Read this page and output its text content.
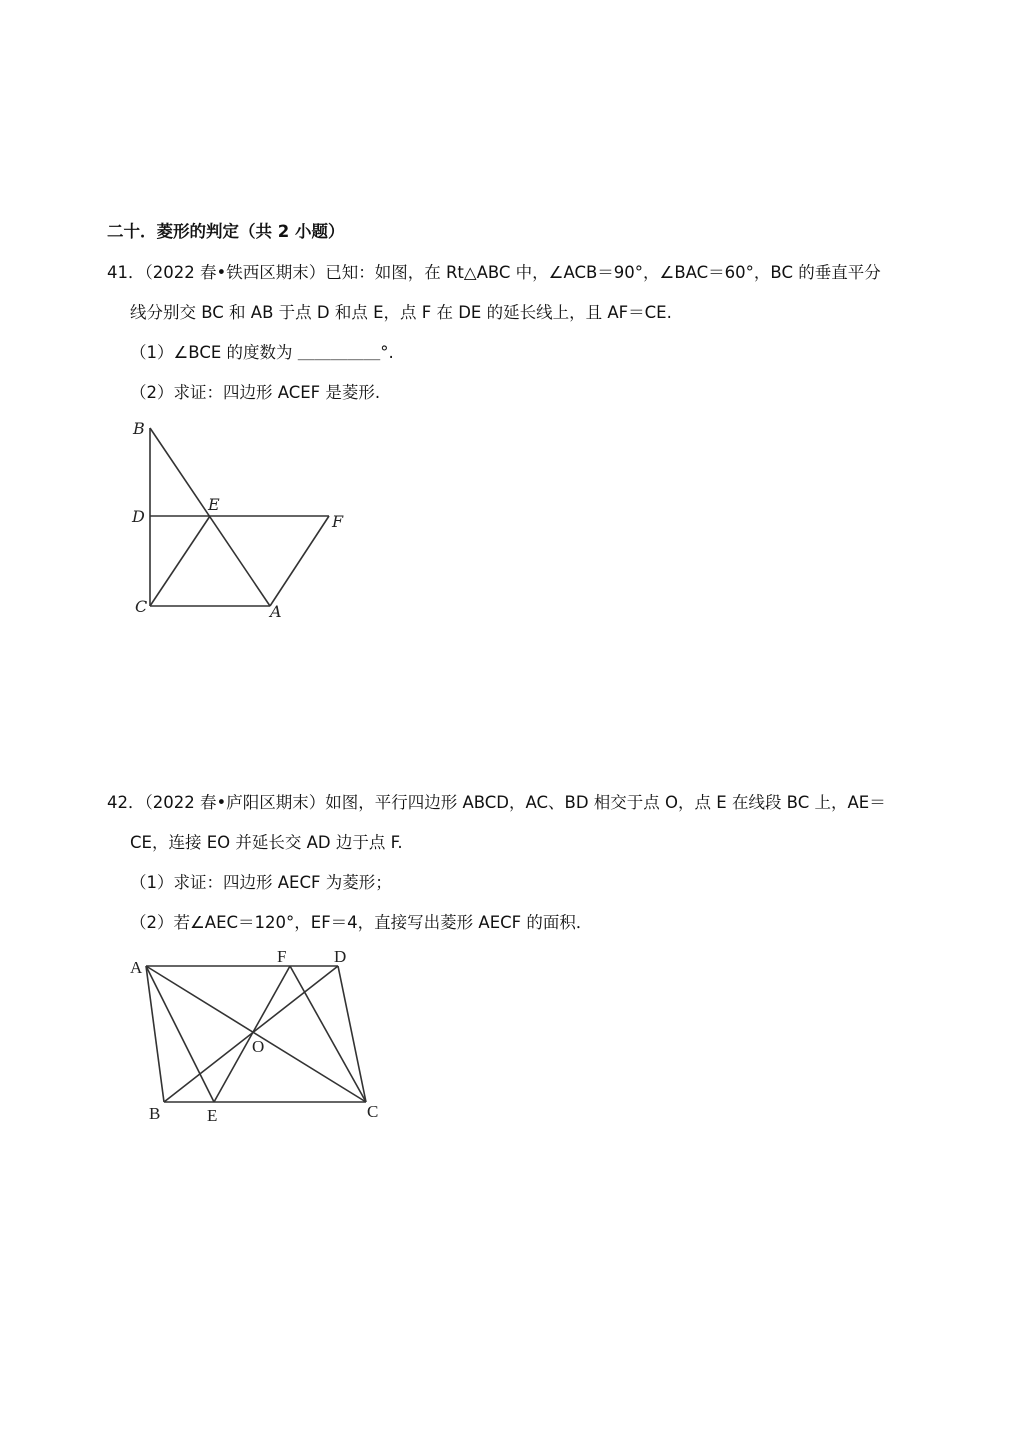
二十．菱形的判定（共 2 小题）
41．（2022 春•铁西区期末）已知：如图，在 Rt△ABC 中，∠ACB＝90°，∠BAC＝60°，BC 的垂直平分
线分别交 BC 和 AB 于点 D 和点 E，点 F 在 DE 的延长线上，且 AF＝CE.
（1）∠BCE 的度数为 ＿＿＿＿＿°.
（2）求证：四边形 ACEF 是菱形.
B
D
E
F
C	A
42．（2022 春•庐阳区期末）如图，平行四边形 ABCD，AC、BD 相交于点 O，点 E 在线段 BC 上，AE＝
CE，连接 EO 并延长交 AD 边于点 F.
（1）求证：四边形 AECF 为菱形；
（2）若∠AEC＝120°，EF＝4，直接写出菱形 AECF 的面积．
A
F	D
O
B	E	C
